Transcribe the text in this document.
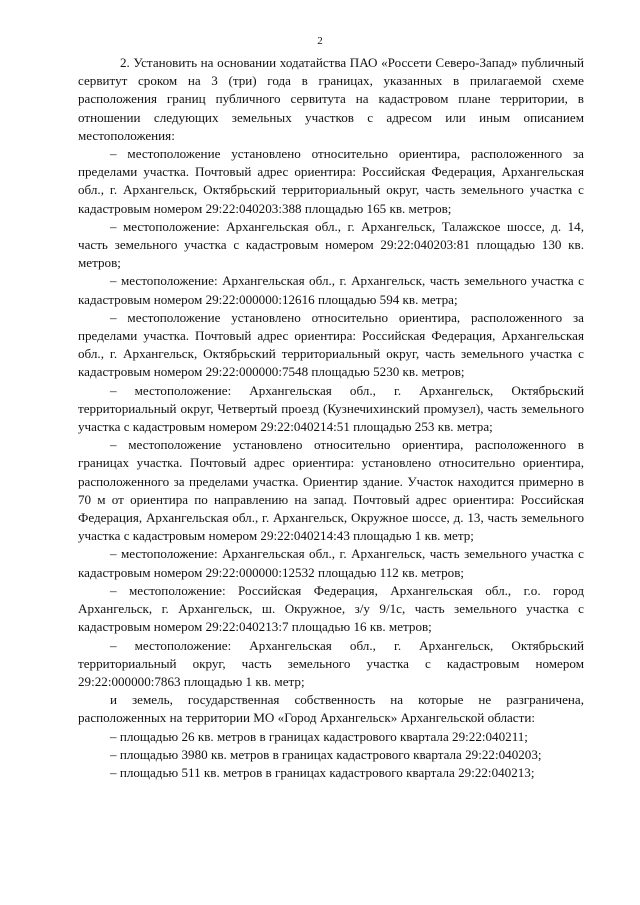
2

2. Установить на основании ходатайства ПАО «Россети Северо-Запад» публичный сервитут сроком на 3 (три) года в границах, указанных в прилагаемой схеме расположения границ публичного сервитута на кадастровом плане территории, в отношении следующих земельных участков с адресом или иным описанием местоположения:

– местоположение установлено относительно ориентира, расположенного за пределами участка. Почтовый адрес ориентира: Российская Федерация, Архангельская обл., г. Архангельск, Октябрьский территориальный округ, часть земельного участка с кадастровым номером 29:22:040203:388 площадью 165 кв. метров;

– местоположение: Архангельская обл., г. Архангельск, Талажское шоссе, д. 14, часть земельного участка с кадастровым номером 29:22:040203:81 площадью 130 кв. метров;

– местоположение: Архангельская обл., г. Архангельск, часть земельного участка с кадастровым номером 29:22:000000:12616 площадью 594 кв. метра;

– местоположение установлено относительно ориентира, расположенного за пределами участка. Почтовый адрес ориентира: Российская Федерация, Архангельская обл., г. Архангельск, Октябрьский территориальный округ, часть земельного участка с кадастровым номером 29:22:000000:7548 площадью 5230 кв. метров;

– местоположение: Архангельская обл., г. Архангельск, Октябрьский территориальный округ, Четвертый проезд (Кузнечихинский промузел), часть земельного участка с кадастровым номером 29:22:040214:51 площадью 253 кв. метра;

– местоположение установлено относительно ориентира, расположенного в границах участка. Почтовый адрес ориентира: установлено относительно ориентира, расположенного за пределами участка. Ориентир здание. Участок находится примерно в 70 м от ориентира по направлению на запад. Почтовый адрес ориентира: Российская Федерация, Архангельская обл., г. Архангельск, Окружное шоссе, д. 13, часть земельного участка с кадастровым номером 29:22:040214:43 площадью 1 кв. метр;

– местоположение: Архангельская обл., г. Архангельск, часть земельного участка с кадастровым номером 29:22:000000:12532 площадью 112 кв. метров;

– местоположение: Российская Федерация, Архангельская обл., г.о. город Архангельск, г. Архангельск, ш. Окружное, з/у 9/1с, часть земельного участка с кадастровым номером 29:22:040213:7 площадью 16 кв. метров;

– местоположение: Архангельская обл., г. Архангельск, Октябрьский территориальный округ, часть земельного участка с кадастровым номером 29:22:000000:7863 площадью 1 кв. метр;

и земель, государственная собственность на которые не разграничена, расположенных на территории МО «Город Архангельск» Архангельской области:

– площадью 26 кв. метров в границах кадастрового квартала 29:22:040211;

– площадью 3980 кв. метров в границах кадастрового квартала 29:22:040203;

– площадью 511 кв. метров в границах кадастрового квартала 29:22:040213;
